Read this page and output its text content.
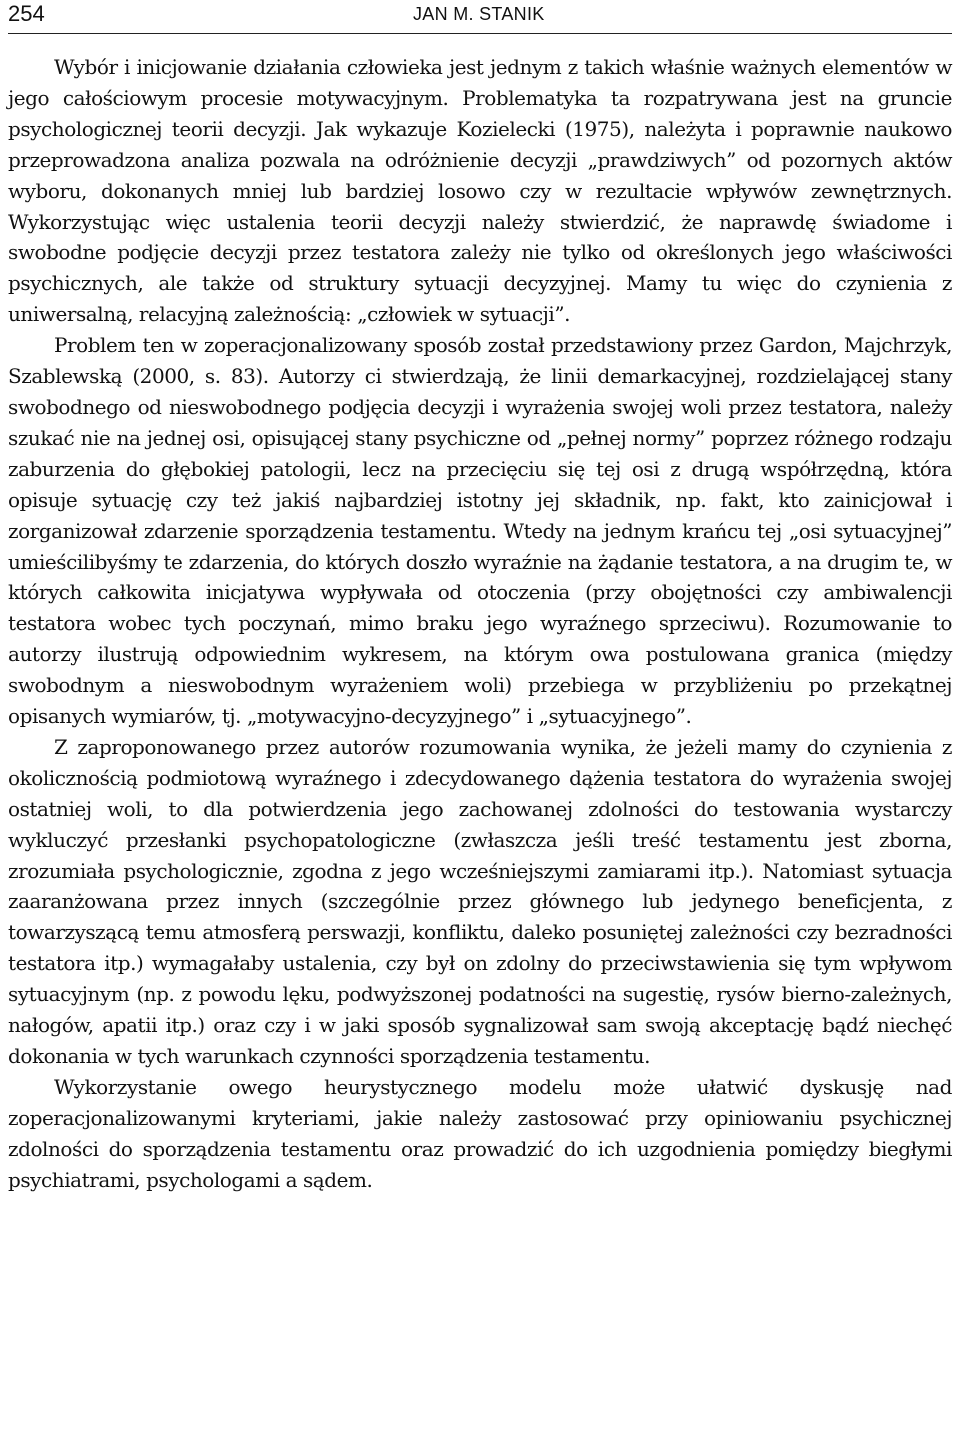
254	JAN M. STANIK

Wybór i inicjowanie działania człowieka jest jednym z takich właśnie ważnych elementów w jego całościowym procesie motywacyjnym. Problematyka ta rozpatrywana jest na gruncie psychologicznej teorii decyzji. Jak wykazuje Kozielecki (1975), należyta i poprawnie naukowo przeprowadzona analiza pozwala na odróżnienie decyzji „prawdziwych” od pozornych aktów wyboru, dokonanych mniej lub bardziej losowo czy w rezultacie wpływów zewnętrznych. Wykorzystując więc ustalenia teorii decyzji należy stwierdzić, że naprawdę świadome i swobodne podjęcie decyzji przez testatora zależy nie tylko od określonych jego właściwości psychicznych, ale także od struktury sytuacji decyzyjnej. Mamy tu więc do czynienia z uniwersalną, relacyjną zależnością: „człowiek w sytuacji”.

Problem ten w zoperacjonalizowany sposób został przedstawiony przez Gardon, Majchrzyk, Szablewską (2000, s. 83). Autorzy ci stwierdzają, że linii demarkacyjnej, rozdzielającej stany swobodnego od nieswobodnego podjęcia decyzji i wyrażenia swojej woli przez testatora, należy szukać nie na jednej osi, opisującej stany psychiczne od „pełnej normy” poprzez różnego rodzaju zaburzenia do głębokiej patologii, lecz na przecięciu się tej osi z drugą współrzędną, która opisuje sytuację czy też jakiś najbardziej istotny jej składnik, np. fakt, kto zainicjował i zorganizował zdarzenie sporządzenia testamentu. Wtedy na jednym krańcu tej „osi sytuacyjnej” umieścilibyśmy te zdarzenia, do których doszło wyraźnie na żądanie testatora, a na drugim te, w których całkowita inicjatywa wypływała od otoczenia (przy obojętności czy ambiwalencji testatora wobec tych poczynań, mimo braku jego wyraźnego sprzeciwu). Rozumowanie to autorzy ilustrują odpowiednim wykresem, na którym owa postulowana granica (między swobodnym a nieswobodnym wyrażeniem woli) przebiega w przybliżeniu po przekątnej opisanych wymiarów, tj. „motywacyjno-decyzyjnego” i „sytuacyjnego”.

Z zaproponowanego przez autorów rozumowania wynika, że jeżeli mamy do czynienia z okolicznością podmiotową wyraźnego i zdecydowanego dążenia testatora do wyrażenia swojej ostatniej woli, to dla potwierdzenia jego zachowanej zdolności do testowania wystarczy wykluczyć przesłanki psychopatologiczne (zwłaszcza jeśli treść testamentu jest zborna, zrozumiała psychologicznie, zgodna z jego wcześniejszymi zamiarami itp.). Natomiast sytuacja zaaranżowana przez innych (szczególnie przez głównego lub jedynego beneficjenta, z towarzyszącą temu atmosferą perswazji, konfliktu, daleko posuniętej zależności czy bezradności testatora itp.) wymagałaby ustalenia, czy był on zdolny do przeciwstawienia się tym wpływom sytuacyjnym (np. z powodu lęku, podwyższonej podatności na sugestię, rysów bierno-zależnych, nałogów, apatii itp.) oraz czy i w jaki sposób sygnalizował sam swoją akceptację bądź niechęć dokonania w tych warunkach czynności sporządzenia testamentu.

Wykorzystanie owego heurystycznego modelu może ułatwić dyskusję nad zoperacjonalizowanymi kryteriami, jakie należy zastosować przy opiniowaniu psychicznej zdolności do sporządzenia testamentu oraz prowadzić do ich uzgodnienia pomiędzy biegłymi psychiatrami, psychologami a sądem.
